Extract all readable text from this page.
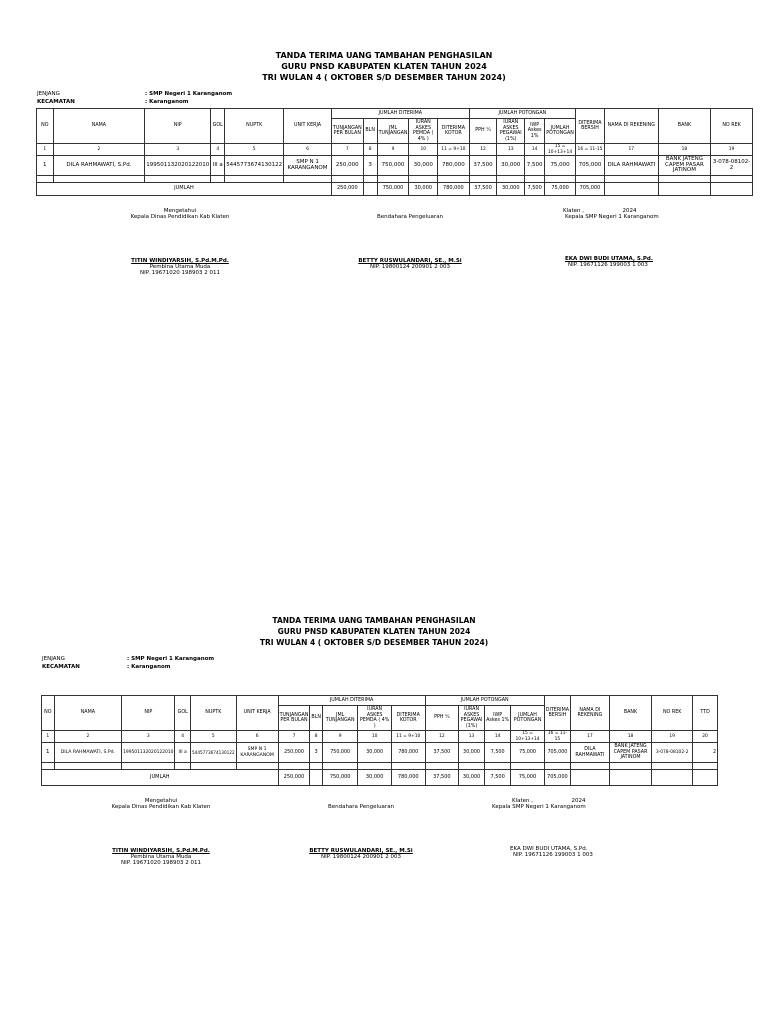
TANDA TERIMA UANG TAMBAHAN PENGHASILAN
GURU PNSD KABUPATEN KLATEN TAHUN 2024
TRI WULAN 4 ( OKTOBER S/D DESEMBER TAHUN 2024)
JENJANG	: SMP Negeri 1 Karanganom
KECAMATAN	: Karanganom
NO	NAMA	NIP	GOL	NUPTK	UNIT KERJA	JUMLAH DITERIMA					JUMLAH POTONGAN				DITERIMA BERSIH	NAMA DI REKENING	BANK	NO REK
						TUNJANGAN PER BULAN	BLN	JML TUNJANGAN	IURAN ASKES PEMDA ( 4% )	DITERIMA KOTOR	PPH ¼	IURAN ASKES PEGAWAI (1%)	IWP Askes 1%	JUMLAH POTONGAN				
1	2	3	4	5	6	7	8	9	10	11 = 9+10	12	13	14	15 = 10+13+14	16 = 11-15	17	18	19
1	DILA RAHMAWATI, S.Pd.	199501132020122010	III a	5445773674130122	SMP N 1 KARANGANOM	250,000	3	750,000	30,000	780,000	37,500	30,000	7,500	75,000	705,000	DILA RAHMAWATI	BANK JATENG CAPEM PASAR JATINOM	3-078-08102-2

JUMLAH						250,000		750,000	30,000	780,000	37,500	30,000	7,500	75,000	705,000			
Mengetahui
Kepala Dinas Pendidikan Kab Klaten
TITIN WINDIYARSIH, S.Pd.M.Pd.
Pembina Utama Muda
NIP. 19671020 198903 2 011

Bendahara Pengeluaran
BETTY RUSWULANDARI, SE., M.Si
NIP. 19800124 200901 2 003
Klaten ,                      2024
Kepala SMP Negeri 1 Karanganom
EKA DWI BUDI UTAMA, S.Pd.
NIP. 19671126 199003 1 003
TANDA TERIMA UANG TAMBAHAN PENGHASILAN
GURU PNSD KABUPATEN KLATEN TAHUN 2024
TRI WULAN 4 ( OKTOBER S/D DESEMBER TAHUN 2024)
JENJANG	: SMP Negeri 1 Karanganom
KECAMATAN	: Karanganom
NO	NAMA	NIP	GOL	NUPTK	UNIT KERJA	JUMLAH DITERIMA					JUMLAH POTONGAN				DITERIMA BERSIH	NAMA DI REKENING	BANK	NO REK	TTD
						TUNJANGAN PER BULAN	BLN	JML TUNJANGAN	IURAN ASKES PEMDA ( 4% )	DITERIMA KOTOR	PPH ¼	IURAN ASKES PEGAWAI (1%)	IWP Askes 1%	JUMLAH POTONGAN					
1	2	3	4	5	6	7	8	9	10	11 = 9+10	12	13	14	15 = 10+13+14	16 = 11-15	17	18	19	20
1	DILA RAHMAWATI, S.Pd.	199501132020122010	III a	5445773674130122	SMP N 1 KARANGANOM	250,000	3	750,000	30,000	780,000	37,500	30,000	7,500	75,000	705,000	DILA RAHMAWATI	BANK JATENG CAPEM PASAR JATINOM	3-078-08102-2	2

JUMLAH						250,000		750,000	30,000	780,000	37,500	30,000	7,500	75,000	705,000				
Mengetahui
Kepala Dinas Pendidikan Kab Klaten
TITIN WINDIYARSIH, S.Pd.M.Pd.
Pembina Utama Muda
NIP. 19671020 198903 2 011

Bendahara Pengeluaran
BETTY RUSWULANDARI, SE., M.Si
NIP. 19800124 200901 2 003
Klaten ,                      2024
Kepala SMP Negeri 1 Karanganom
EKA DWI BUDI UTAMA, S.Pd.
NIP. 19671126 199003 1 003
